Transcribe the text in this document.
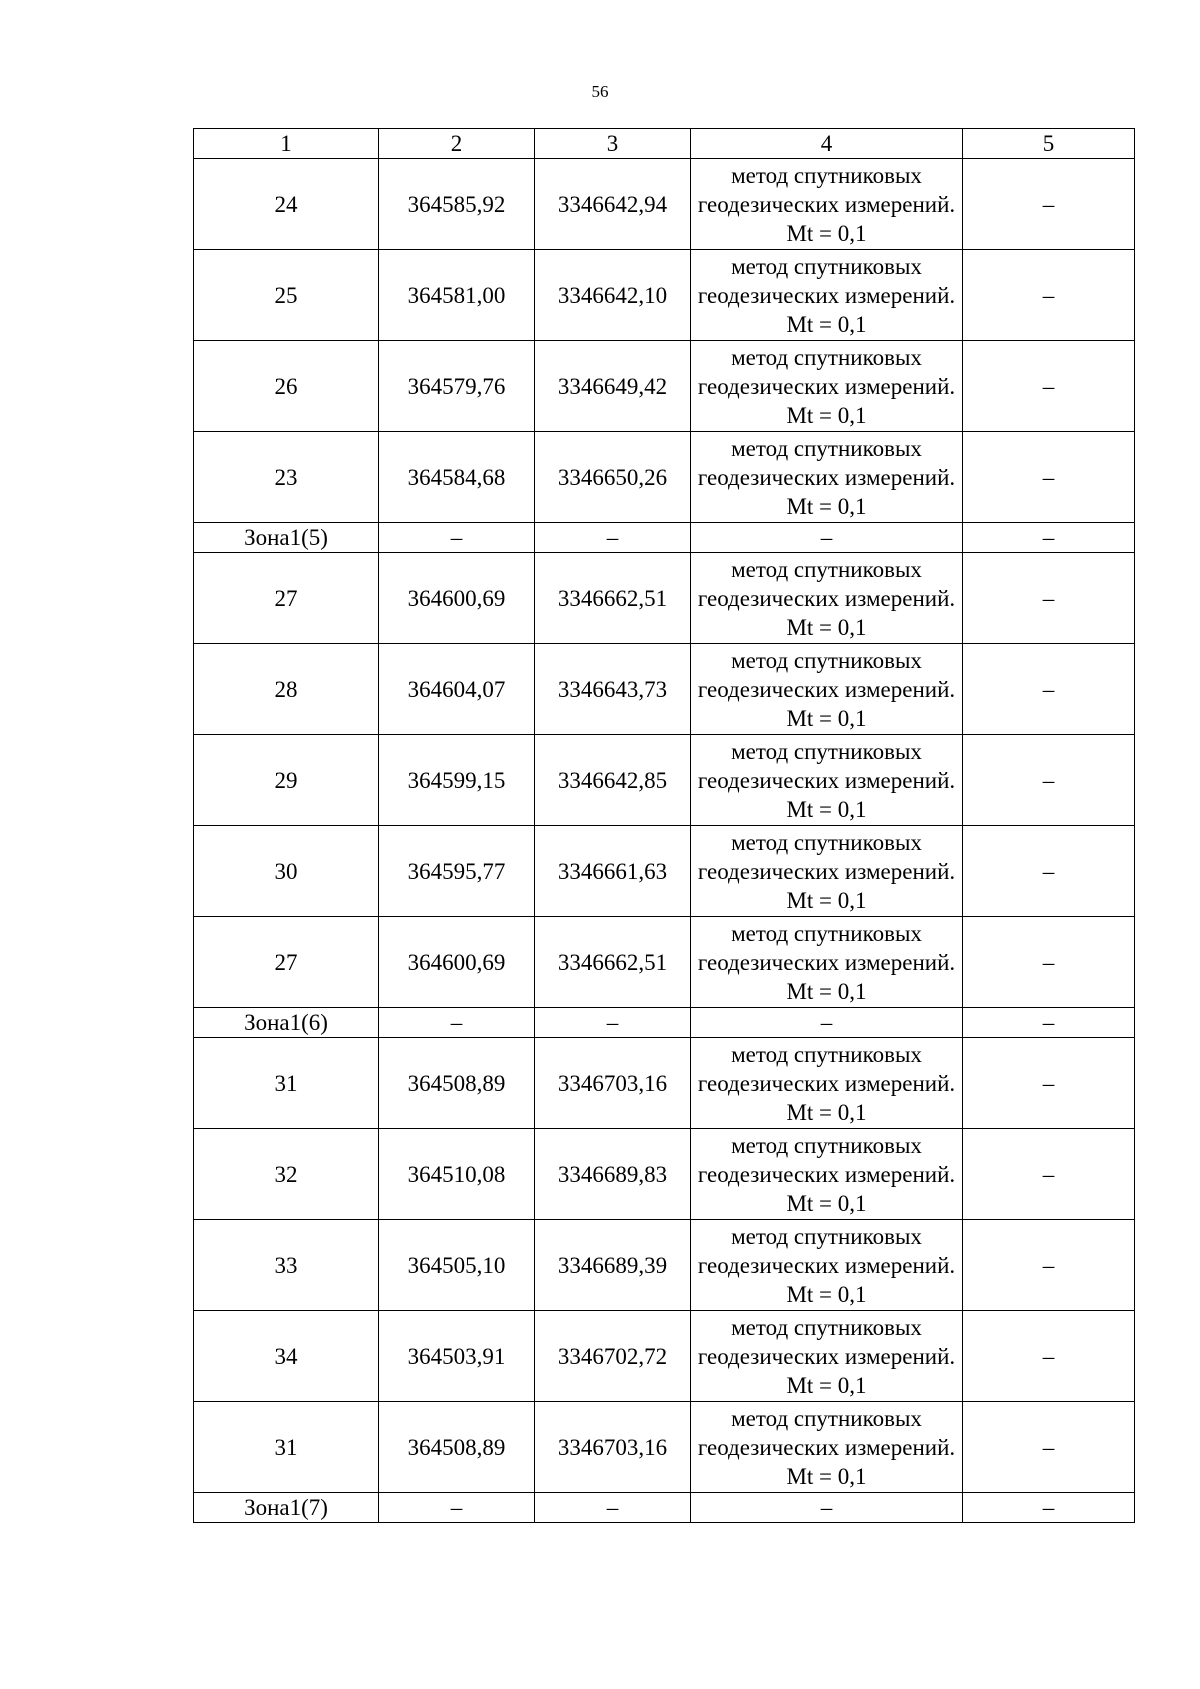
56
1	2	3	4	5
24	364585,92	3346642,94	метод спутниковых геодезических измерений. Mt = 0,1	–
25	364581,00	3346642,10	метод спутниковых геодезических измерений. Mt = 0,1	–
26	364579,76	3346649,42	метод спутниковых геодезических измерений. Mt = 0,1	–
23	364584,68	3346650,26	метод спутниковых геодезических измерений. Mt = 0,1	–
Зона1(5)	–	–	–	–
27	364600,69	3346662,51	метод спутниковых геодезических измерений. Mt = 0,1	–
28	364604,07	3346643,73	метод спутниковых геодезических измерений. Mt = 0,1	–
29	364599,15	3346642,85	метод спутниковых геодезических измерений. Mt = 0,1	–
30	364595,77	3346661,63	метод спутниковых геодезических измерений. Mt = 0,1	–
27	364600,69	3346662,51	метод спутниковых геодезических измерений. Mt = 0,1	–
Зона1(6)	–	–	–	–
31	364508,89	3346703,16	метод спутниковых геодезических измерений. Mt = 0,1	–
32	364510,08	3346689,83	метод спутниковых геодезических измерений. Mt = 0,1	–
33	364505,10	3346689,39	метод спутниковых геодезических измерений. Mt = 0,1	–
34	364503,91	3346702,72	метод спутниковых геодезических измерений. Mt = 0,1	–
31	364508,89	3346703,16	метод спутниковых геодезических измерений. Mt = 0,1	–
Зона1(7)	–	–	–	–
